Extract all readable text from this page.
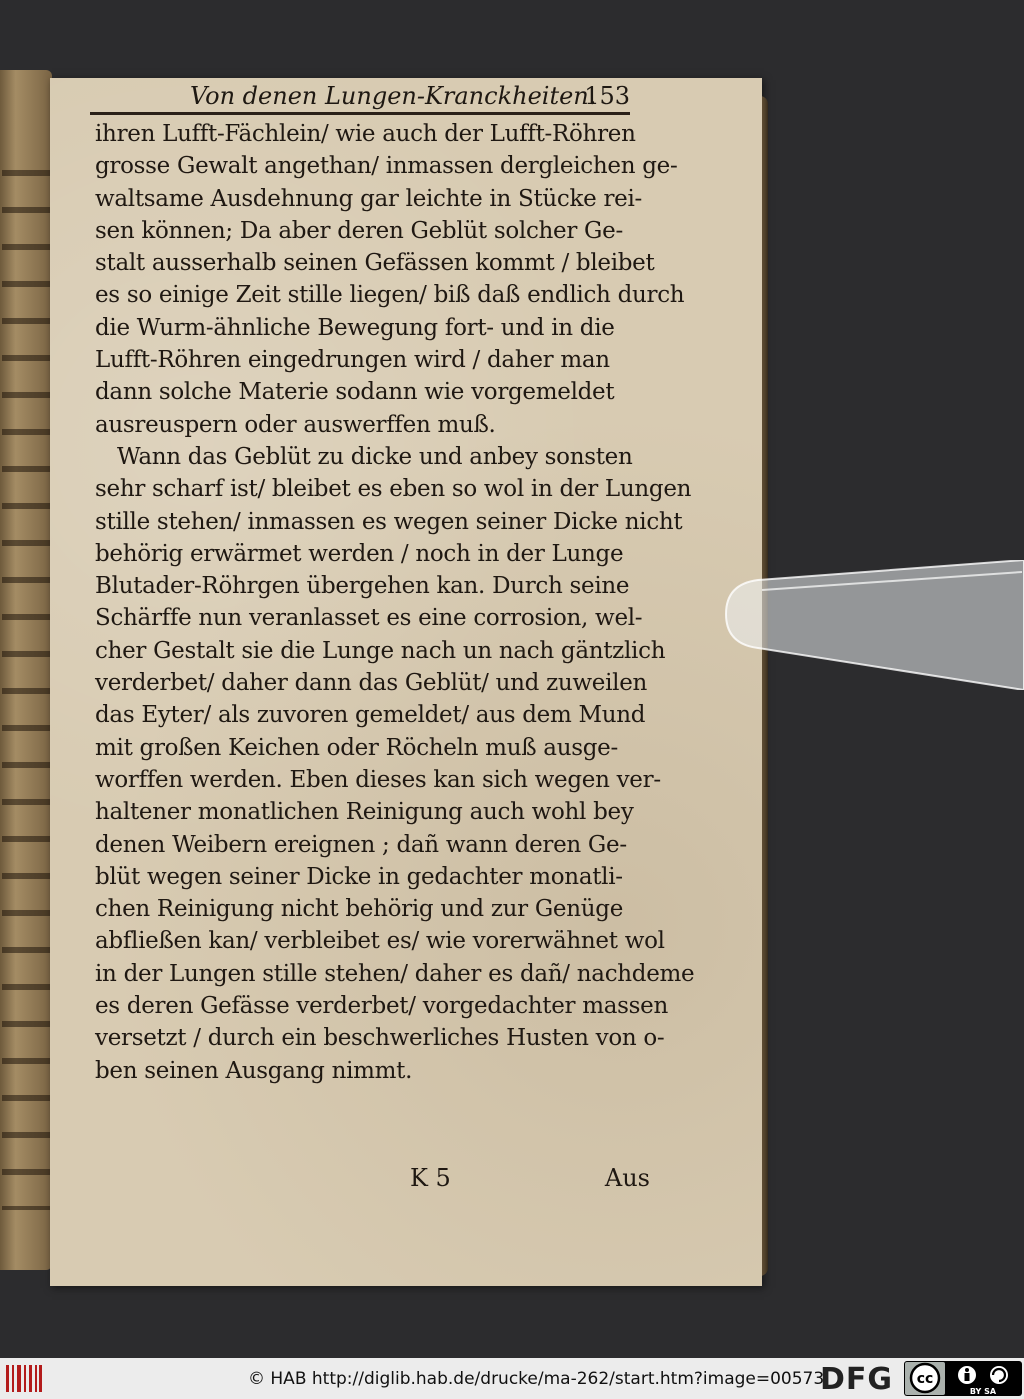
Von denen Lungen-Kranckheiten.
153
ihren Lufft-Fächlein/ wie auch der Lufft-Röhren
grosse Gewalt angethan/ inmassen dergleichen ge-
waltsame Ausdehnung gar leichte in Stücke rei-
sen können; Da aber deren Geblüt solcher Ge-
stalt ausserhalb seinen Gefässen kommt / bleibet
es so einige Zeit stille liegen/ biß daß endlich durch
die Wurm-ähnliche Bewegung fort- und in die
Lufft-Röhren eingedrungen wird / daher man
dann solche Materie sodann wie vorgemeldet
ausreuspern oder auswerffen muß.
Wann das Geblüt zu dicke und anbey sonsten
sehr scharf ist/ bleibet es eben so wol in der Lungen
stille stehen/ inmassen es wegen seiner Dicke nicht
behörig erwärmet werden / noch in der Lunge
Blutader-Röhrgen übergehen kan. Durch seine
Schärffe nun veranlasset es eine corrosion, wel-
cher Gestalt sie die Lunge nach un nach gäntzlich
verderbet/ daher dann das Geblüt/ und zuweilen
das Eyter/ als zuvoren gemeldet/ aus dem Mund
mit großen Keichen oder Röcheln muß ausge-
worffen werden. Eben dieses kan sich wegen ver-
haltener monatlichen Reinigung auch wohl bey
denen Weibern ereignen ; dañ wann deren Ge-
blüt wegen seiner Dicke in gedachter monatli-
chen Reinigung nicht behörig und zur Genüge
abfließen kan/ verbleibet es/ wie vorerwähnet wol
in der Lungen stille stehen/ daher es dañ/ nachdeme
es deren Gefässe verderbet/ vorgedachter massen
versetzt / durch ein beschwerliches Husten von o-
ben seinen Ausgang nimmt.
K 5	Aus
© HAB http://diglib.hab.de/drucke/ma-262/start.htm?image=00573
DFG cc
BY SA
